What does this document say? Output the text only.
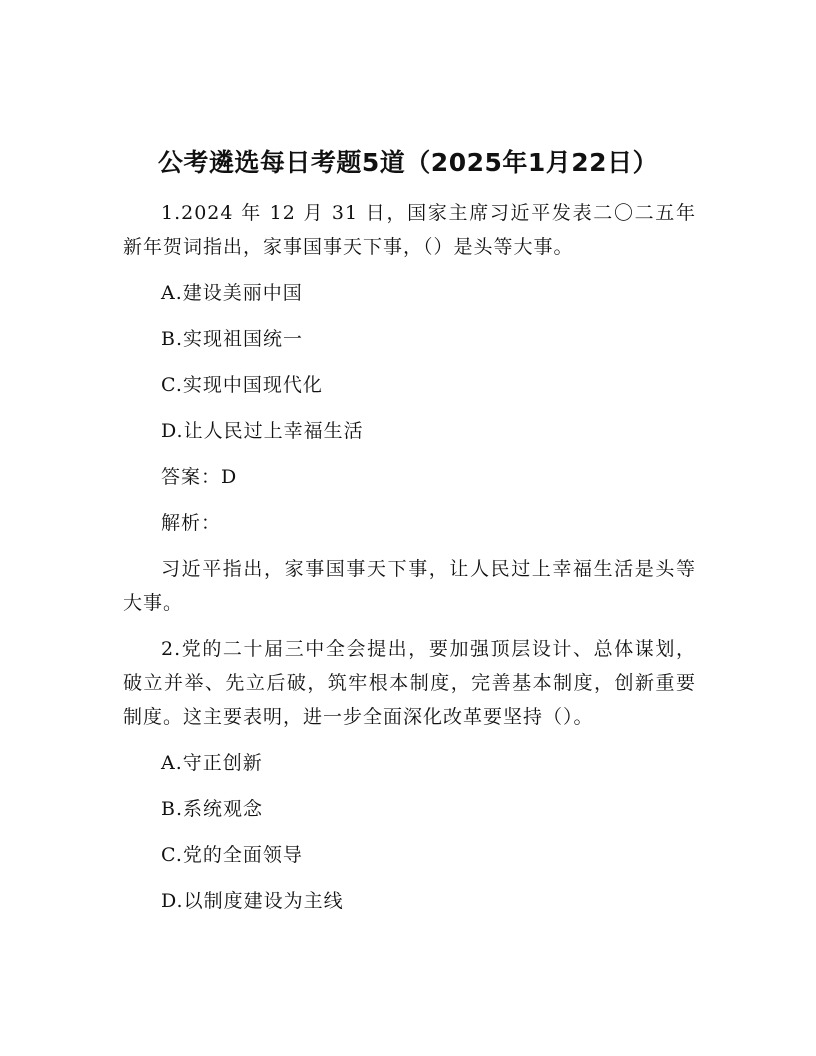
公考遴选每日考题5道（2025年1月22日）

1.2024 年 12 月 31 日，国家主席习近平发表二〇二五年新年贺词指出，家事国事天下事，（）是头等大事。

A.建设美丽中国

B.实现祖国统一

C.实现中国现代化

D.让人民过上幸福生活

答案：D

解析：

习近平指出，家事国事天下事，让人民过上幸福生活是头等大事。

2.党的二十届三中全会提出，要加强顶层设计、总体谋划，破立并举、先立后破，筑牢根本制度，完善基本制度，创新重要制度。这主要表明，进一步全面深化改革要坚持（）。

A.守正创新

B.系统观念

C.党的全面领导

D.以制度建设为主线
